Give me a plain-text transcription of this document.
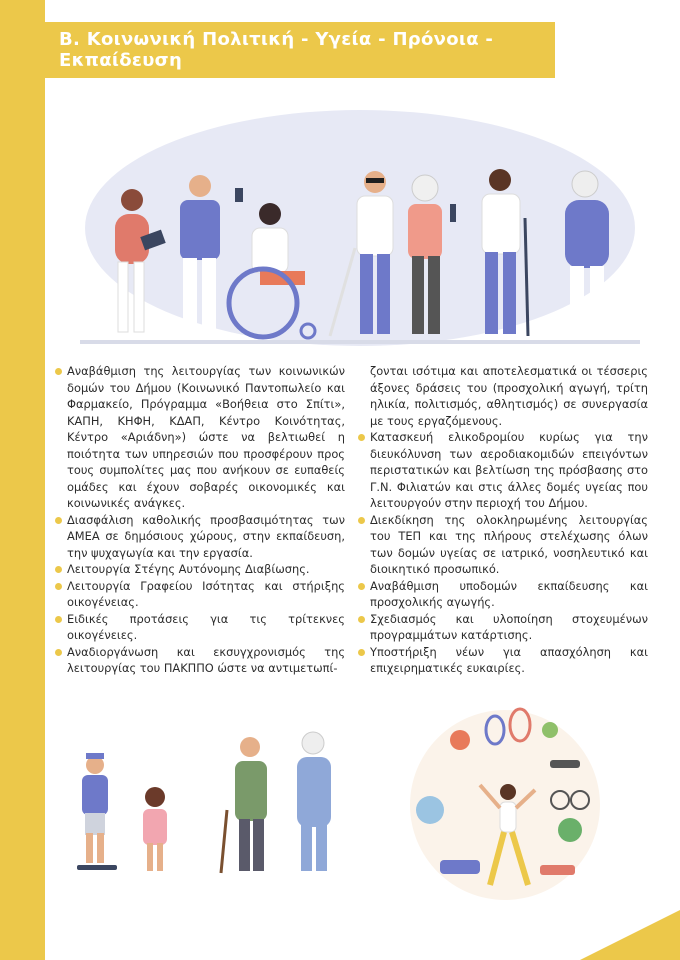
Β. Κοινωνική Πολιτική - Υγεία - Πρόνοια - Εκπαίδευση
Αναβάθμιση της λειτουργίας των κοινωνικών δομών του Δήμου (Κοινωνικό Παντοπωλείο και Φαρμακείο, Πρόγραμμα «Βοήθεια στο Σπίτι», ΚΑΠΗ, ΚΗΦΗ, ΚΔΑΠ, Κέντρο Κοινότητας, Κέντρο «Αριάδνη») ώστε να βελτιωθεί η ποιότητα των υπηρεσιών που προσφέρουν προς τους συμπολίτες μας που ανήκουν σε ευπαθείς ομάδες και έχουν σοβαρές οικονομικές και κοινωνικές ανάγκες.
Διασφάλιση καθολικής προσβασιμότητας των ΑΜΕΑ σε δημόσιους χώρους, στην εκπαίδευση, την ψυχαγωγία και την εργασία.
Λειτουργία Στέγης Αυτόνομης Διαβίωσης.
Λειτουργία Γραφείου Ισότητας και στήριξης οικογένειας.
Ειδικές προτάσεις για τις τρίτεκνες οικογένειες.
Αναδιοργάνωση και εκσυγχρονισμός της λειτουργίας του ΠΑΚΠΠΟ ώστε να αντιμετωπί-
ζονται ισότιμα και αποτελεσματικά οι τέσσερις άξονες δράσεις του (προσχολική αγωγή, τρίτη ηλικία, πολιτισμός, αθλητισμός) σε συνεργασία με τους εργαζόμενους.
Κατασκευή ελικοδρομίου κυρίως για την διευκόλυνση των αεροδιακομιδών επειγόντων περιστατικών και βελτίωση της πρόσβασης στο Γ.Ν. Φιλιατών και στις άλλες δομές υγείας που λειτουργούν στην περιοχή του Δήμου.
Διεκδίκηση της ολοκληρωμένης λειτουργίας του ΤΕΠ και της πλήρους στελέχωσης όλων των δομών υγείας σε ιατρικό, νοσηλευτικό και διοικητικό προσωπικό.
Αναβάθμιση υποδομών εκπαίδευσης και προσχολικής αγωγής.
Σχεδιασμός και υλοποίηση στοχευμένων προγραμμάτων κατάρτισης.
Υποστήριξη νέων για απασχόληση και επιχειρηματικές ευκαιρίες.
